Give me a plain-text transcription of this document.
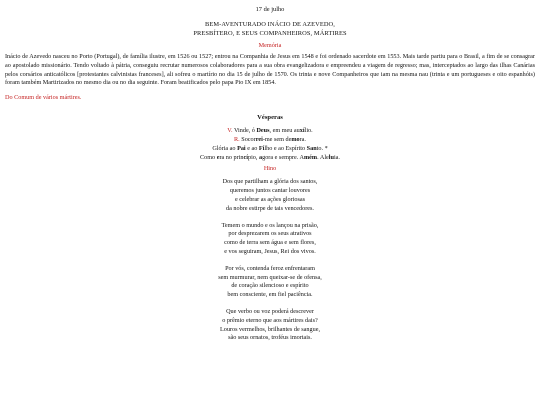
17 de julho
BEM-AVENTURADO INÁCIO DE AZEVEDO,
PRESBÍTERO, E SEUS COMPANHEIROS, MÁRTIRES
Memória
Inácio de Azevedo nasceu no Porto (Portugal), de família ilustre, em 1526 ou 1527; entrou na Companhia de Jesus em 1548 e foi ordenado sacerdote em 1553. Mais tarde partiu para o Brasil, a fim de se consagrar ao apostolado missionário. Tendo voltado à pátria, conseguiu recrutar numerosos colaboradores para a sua obra evangelizadora e empreendeu a viagem de regresso; mas, interceptados ao largo das ilhas Canárias pelos corsários anticatólicos [protestantes calvinistas franceses], ali sofreu o martírio no dia 15 de julho de 1570. Os trinta e nove Companheiros que iam na mesma nau (trinta e um portugueses e oito espanhóis) foram também Martirizados no mesmo dia ou no dia seguinte. Foram beatificados pelo papa Pio IX em 1854.
Do Comum de vários mártires.
Vésperas
V. Vinde, ó Deus, em meu auxílio.
R. Socorrei-me sem demora.
Glória ao Pai e ao Filho e ao Espírito Santo. *
Como era no princípio, agora e sempre. Amém. Aleluia.
Hino
Dos que partilham a glória dos santos,
queremos juntos cantar louvores
e celebrar as ações gloriosas
da nobre estirpe de tais vencedores.
Temem o mundo e os lançou na prisão,
por desprezarem os seus atrativos
como de terra sem água e sem flores,
e vos seguiram, Jesus, Rei dos vivos.
Por vós, contenda feroz enfrentaram
sem murmurar, nem queixar-se de ofensa,
de coração silencioso e espírito
bem consciente, em fiel paciência.
Que verbo ou voz poderá descrever
o prêmio eterno que aos mártires dais?
Louros vermelhos, brilhantes de sangue,
são seus ornatos, troféus imortais.
